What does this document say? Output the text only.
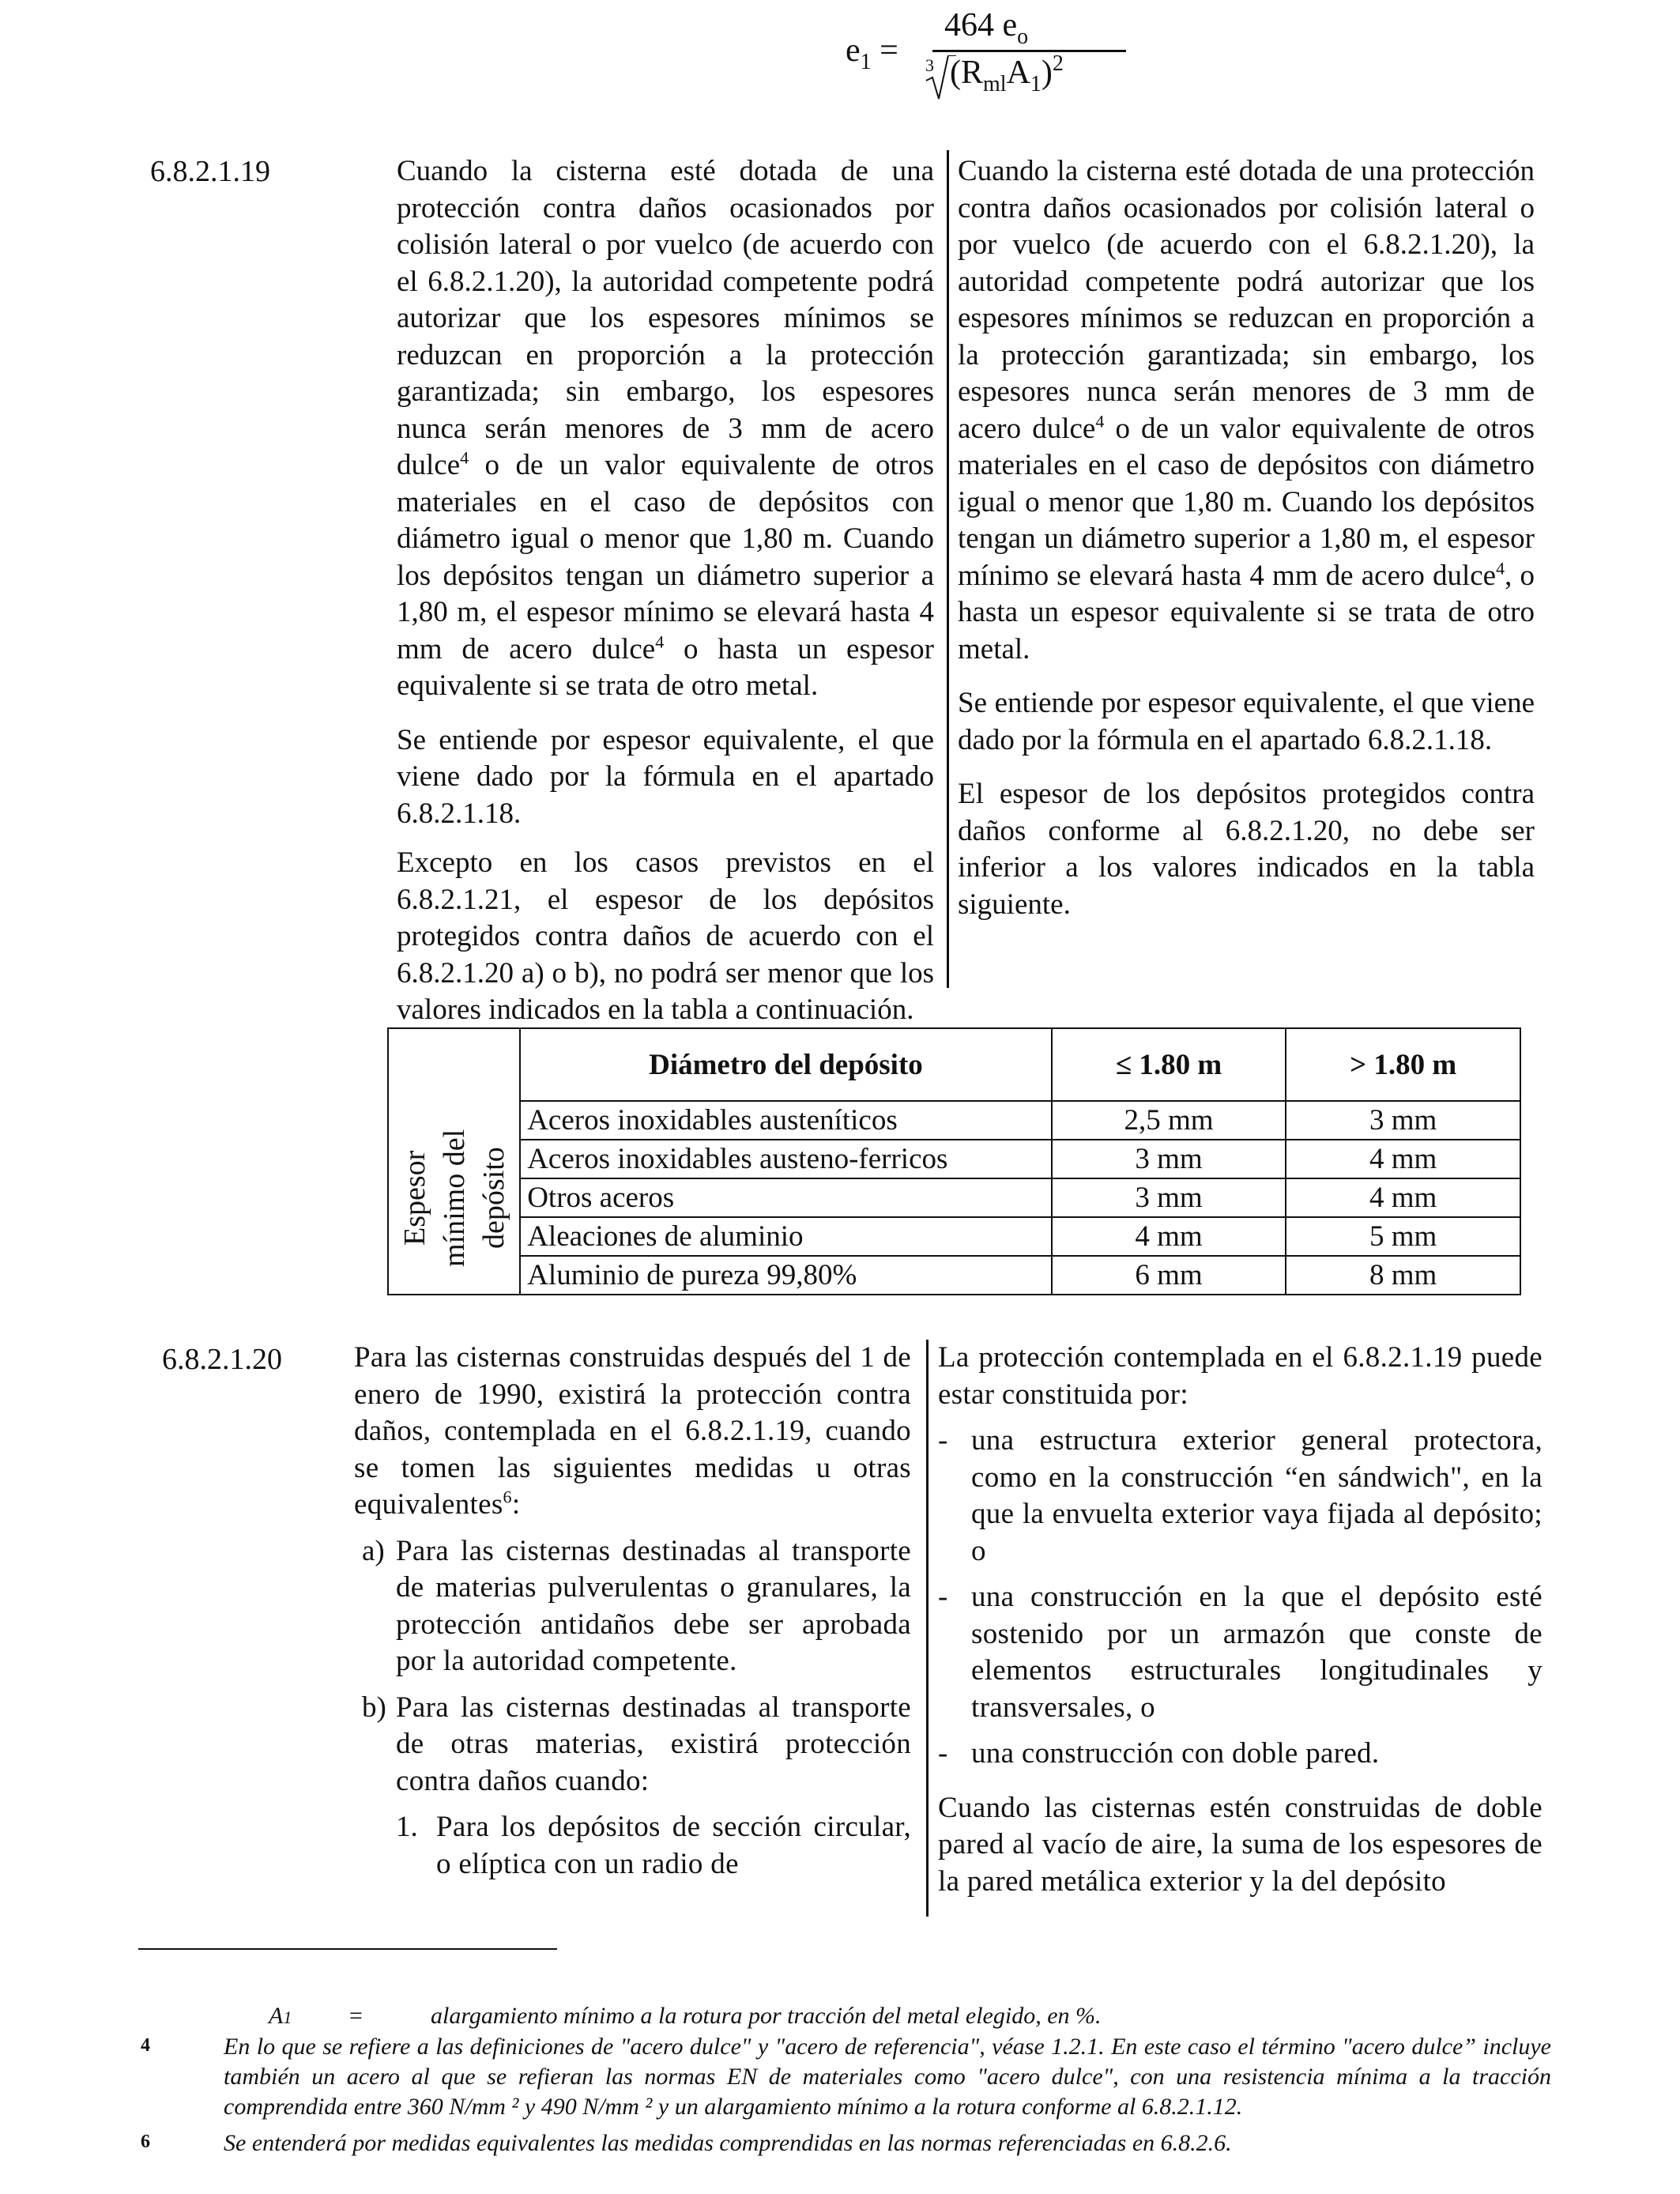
$e_1$ =
464 $e_o$
3 $(R_{ml}A_1)^2$
6.8.2.1.19	Cuando la cisterna esté dotada de una protección contra daños ocasionados por colisión lateral o por vuelco (de acuerdo con el 6.8.2.1.20), la autoridad competente podrá autorizar que los espesores mínimos se reduzcan en proporción a la protección garantizada; sin embargo, los espesores nunca serán menores de 3 mm de acero dulce$^4$ o de un valor equivalente de otros materiales en el caso de depósitos con diámetro igual o menor que 1,80 m. Cuando los depósitos tengan un diámetro superior a 1,80 m, el espesor mínimo se elevará hasta 4 mm de acero dulce$^4$ o hasta un espesor equivalente si se trata de otro metal.

Se entiende por espesor equivalente, el que viene dado por la fórmula en el apartado 6.8.2.1.18.

Excepto en los casos previstos en el 6.8.2.1.21, el espesor de los depósitos protegidos contra daños de acuerdo con el 6.8.2.1.20 a) o b), no podrá ser menor que los valores indicados en la tabla a continuación.

Cuando la cisterna esté dotada de una protección contra daños ocasionados por colisión lateral o por vuelco (de acuerdo con el 6.8.2.1.20), la autoridad competente podrá autorizar que los espesores mínimos se reduzcan en proporción a la protección garantizada; sin embargo, los espesores nunca serán menores de 3 mm de acero dulce$^4$ o de un valor equivalente de otros materiales en el caso de depósitos con diámetro igual o menor que 1,80 m. Cuando los depósitos tengan un diámetro superior a 1,80 m, el espesor mínimo se elevará hasta 4 mm de acero dulce$^4$, o hasta un espesor equivalente si se trata de otro metal.

Se entiende por espesor equivalente, el que viene dado por la fórmula en el apartado 6.8.2.1.18.

El espesor de los depósitos protegidos contra daños conforme al 6.8.2.1.20, no debe ser inferior a los valores indicados en la tabla siguiente.

	Diámetro del depósito	≤ 1.80 m	> 1.80 m

Espesor mínimo del depósito	Aceros inoxidables austeníticos	2,5 mm	3 mm
	Aceros inoxidables austeno-ferricos	3 mm	4 mm
	Otros aceros	3 mm	4 mm
	Aleaciones de aluminio	4 mm	5 mm
	Aluminio de pureza 99,80%	6 mm	8 mm
6.8.2.1.20 Para las cisternas construidas después del 1 de enero de 1990, existirá la protección contra daños, contemplada en el 6.8.2.1.19, cuando se tomen las siguientes medidas u otras equivalentes$^6$:

a) Para las cisternas destinadas al transporte de materias pulverulentas o granulares, la protección antidaños debe ser aprobada por la autoridad competente.

b) Para las cisternas destinadas al transporte de otras materias, existirá protección contra daños cuando:

1. Para los depósitos de sección circular, o elíptica con un radio de

La protección contemplada en el 6.8.2.1.19 puede estar constituida por:

- una estructura exterior general protectora, como en la construcción “en sándwich", en la que la envuelta exterior vaya fijada al depósito; o

- una construcción en la que el depósito esté sostenido por un armazón que conste de elementos estructurales longitudinales y transversales, o

- una construcción con doble pared.

Cuando las cisternas estén construidas de doble pared al vacío de aire, la suma de los espesores de la pared metálica exterior y la del depósito

A1 =	alargamiento mínimo a la rotura por tracción del metal elegido, en %.
4	En lo que se refiere a las definiciones de "acero dulce" y "acero de referencia", véase 1.2.1. En este caso el término "acero dulce” incluye también un acero al que se refieran las normas EN de materiales como "acero dulce", con una resistencia mínima a la tracción comprendida entre 360 N/mm ² y 490 N/mm ² y un alargamiento mínimo a la rotura conforme al 6.8.2.1.12.

6	Se entenderá por medidas equivalentes las medidas comprendidas en las normas referenciadas en 6.8.2.6.
